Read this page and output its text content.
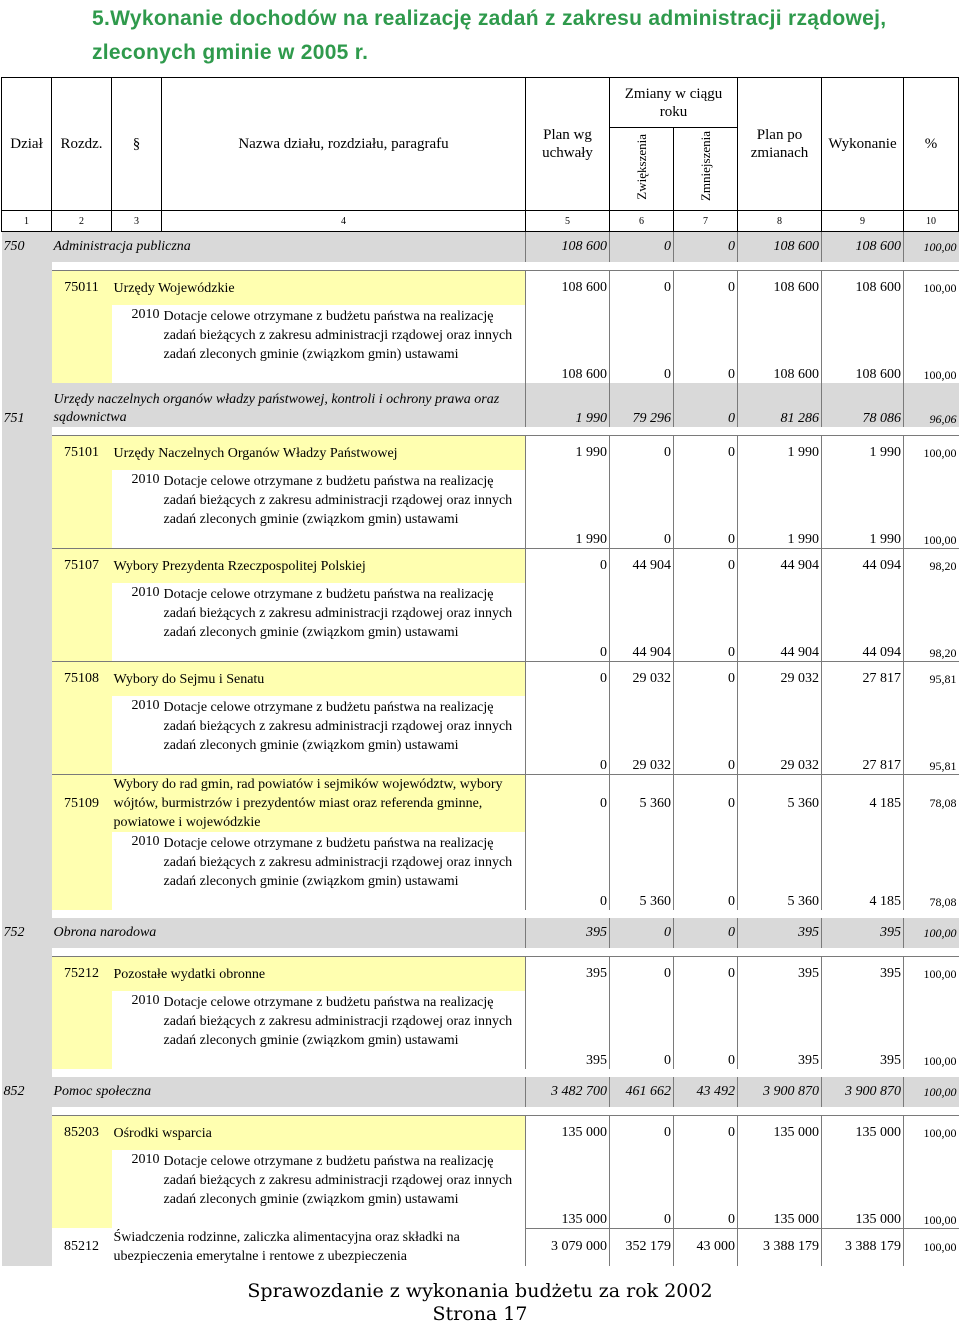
5.Wykonanie dochodów na realizację zadań z zakresu administracji rządowej, zleconych gminie w 2005 r.
Dział	Rozdz.	§	Nazwa działu, rozdziału, paragrafu	Plan wg uchwały	Zmiany w ciągu roku		Plan po zmianach	Wykonanie	%
					Zwiększenia	Zmniejszenia			
1	2	3	4	5	6	7	8	9	10
750	Administracja publiczna			108 600	0	0	108 600	108 600	100,00

	75011	Urzędy Wojewódzkie		108 600	0	0	108 600	108 600	100,00
		2010	Dotacje celowe otrzymane z budżetu państwa na realizację zadań bieżących z zakresu administracji rządowej oraz innych zadań zleconych gminie (związkom gmin) ustawami	108 600	0	0	108 600	108 600	100,00
751	Urzędy naczelnych organów władzy państwowej, kontroli i ochrony prawa oraz sądownictwa			1 990	79 296	0	81 286	78 086	96,06

	75101	Urzędy Naczelnych Organów Władzy Państwowej		1 990	0	0	1 990	1 990	100,00
		2010	Dotacje celowe otrzymane z budżetu państwa na realizację zadań bieżących z zakresu administracji rządowej oraz innych zadań zleconych gminie (związkom gmin) ustawami	1 990	0	0	1 990	1 990	100,00
	75107	Wybory Prezydenta Rzeczpospolitej Polskiej		0	44 904	0	44 904	44 094	98,20
		2010	Dotacje celowe otrzymane z budżetu państwa na realizację zadań bieżących z zakresu administracji rządowej oraz innych zadań zleconych gminie (związkom gmin) ustawami	0	44 904	0	44 904	44 094	98,20
	75108	Wybory do Sejmu i Senatu		0	29 032	0	29 032	27 817	95,81
		2010	Dotacje celowe otrzymane z budżetu państwa na realizację zadań bieżących z zakresu administracji rządowej oraz innych zadań zleconych gminie (związkom gmin) ustawami	0	29 032	0	29 032	27 817	95,81
	75109	Wybory do rad gmin, rad powiatów i sejmików województw, wybory wójtów, burmistrzów i prezydentów miast oraz referenda gminne, powiatowe i wojewódzkie		0	5 360	0	5 360	4 185	78,08
		2010	Dotacje celowe otrzymane z budżetu państwa na realizację zadań bieżących z zakresu administracji rządowej oraz innych zadań zleconych gminie (związkom gmin) ustawami	0	5 360	0	5 360	4 185	78,08

752	Obrona narodowa			395	0	0	395	395	100,00

	75212	Pozostałe wydatki obronne		395	0	0	395	395	100,00
		2010	Dotacje celowe otrzymane z budżetu państwa na realizację zadań bieżących z zakresu administracji rządowej oraz innych zadań zleconych gminie (związkom gmin) ustawami	395	0	0	395	395	100,00

852	Pomoc społeczna			3 482 700	461 662	43 492	3 900 870	3 900 870	100,00

	85203	Ośrodki wsparcia		135 000	0	0	135 000	135 000	100,00
		2010	Dotacje celowe otrzymane z budżetu państwa na realizację zadań bieżących z zakresu administracji rządowej oraz innych zadań zleconych gminie (związkom gmin) ustawami	135 000	0	0	135 000	135 000	100,00
	85212	Świadczenia rodzinne, zaliczka alimentacyjna oraz składki na ubezpieczenia emerytalne i rentowe z ubezpieczenia		3 079 000	352 179	43 000	3 388 179	3 388 179	100,00
Sprawozdanie z wykonania budżetu za rok 2002
Strona 17
